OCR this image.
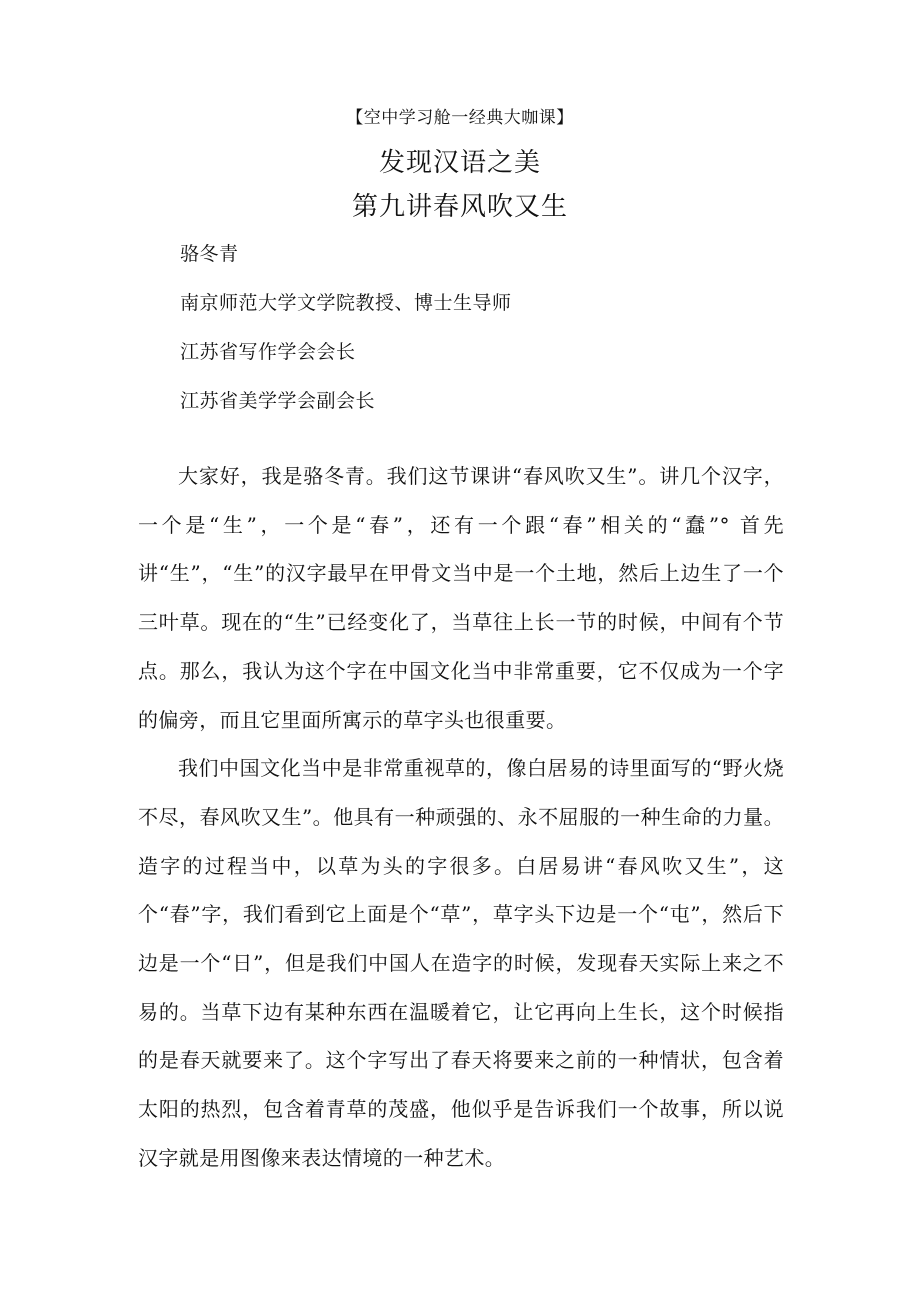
【空中学习舱一经典大咖课】
发现汉语之美
第九讲春风吹又生
骆冬青
南京师范大学文学院教授、博士生导师
江苏省写作学会会长
江苏省美学学会副会长

大家好，我是骆冬青。我们这节课讲“春风吹又生”。讲几个汉字，一个是“生”，一个是“春”，还有一个跟“春”相关的“蠢”° 首先讲“生”，“生”的汉字最早在甲骨文当中是一个土地，然后上边生了一个三叶草。现在的“生”已经变化了，当草往上长一节的时候，中间有个节点。那么，我认为这个字在中国文化当中非常重要，它不仅成为一个字的偏旁，而且它里面所寓示的草字头也很重要。

我们中国文化当中是非常重视草的，像白居易的诗里面写的“野火烧不尽，春风吹又生”。他具有一种顽强的、永不屈服的一种生命的力量。造字的过程当中，以草为头的字很多。白居易讲“春风吹又生”，这个“春”字，我们看到它上面是个“草”，草字头下边是一个“屯”，然后下边是一个“日”，但是我们中国人在造字的时候，发现春天实际上来之不易的。当草下边有某种东西在温暖着它，让它再向上生长，这个时候指的是春天就要来了。这个字写出了春天将要来之前的一种情状，包含着太阳的热烈，包含着青草的茂盛，他似乎是告诉我们一个故事，所以说汉字就是用图像来表达情境的一种艺术。
